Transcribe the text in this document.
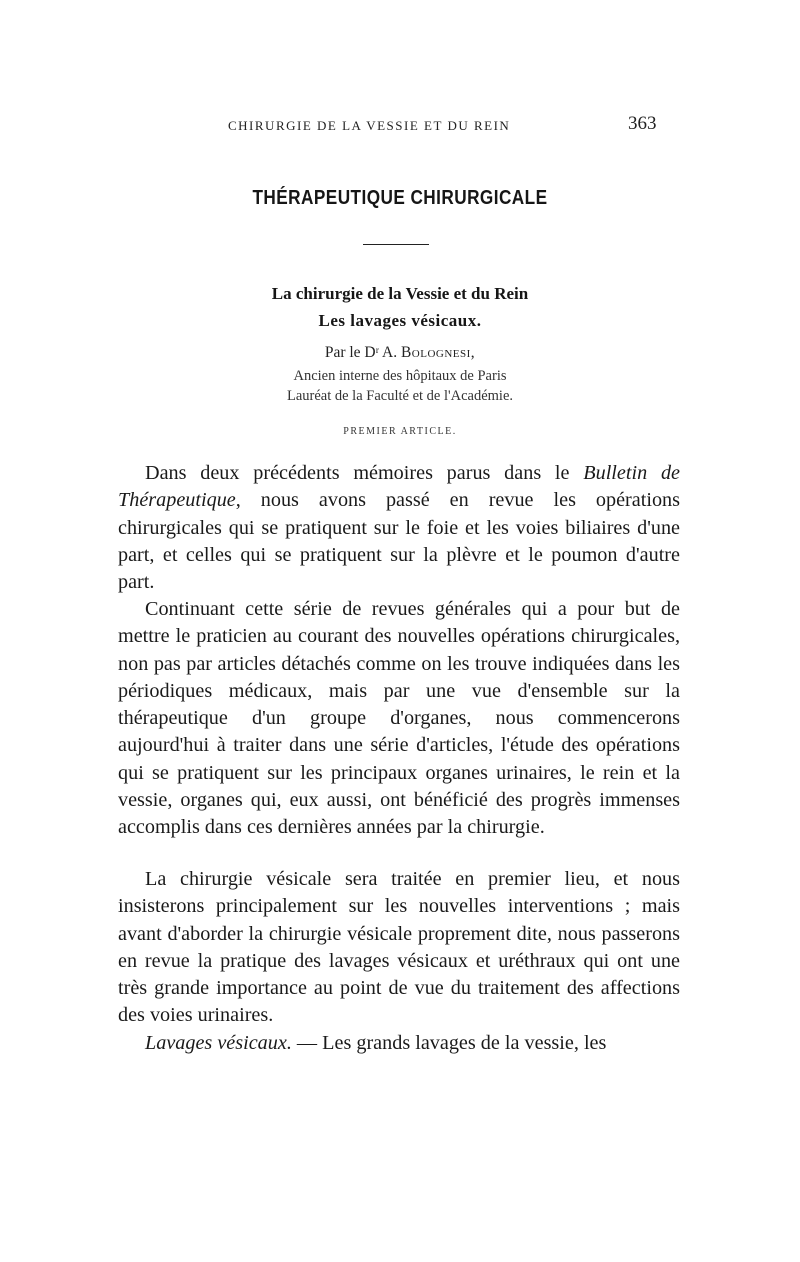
CHIRURGIE DE LA VESSIE ET DU REIN	363
THÉRAPEUTIQUE CHIRURGICALE
La chirurgie de la Vessie et du Rein
Les lavages vésicaux.
Par le Dʳ A. Bolognesi,
Ancien interne des hôpitaux de Paris
Lauréat de la Faculté et de l'Académie.
PREMIER ARTICLE.

Dans deux précédents mémoires parus dans le Bulletin de Thérapeutique, nous avons passé en revue les opérations chirurgicales qui se pratiquent sur le foie et les voies biliaires d'une part, et celles qui se pratiquent sur la plèvre et le poumon d'autre part.

Continuant cette série de revues générales qui a pour but de mettre le praticien au courant des nouvelles opérations chirurgicales, non pas par articles détachés comme on les trouve indiquées dans les périodiques médicaux, mais par une vue d'ensemble sur la thérapeutique d'un groupe d'organes, nous commencerons aujourd'hui à traiter dans une série d'articles, l'étude des opérations qui se pratiquent sur les principaux organes urinaires, le rein et la vessie, organes qui, eux aussi, ont bénéficié des progrès immenses accomplis dans ces dernières années par la chirurgie.

La chirurgie vésicale sera traitée en premier lieu, et nous insisterons principalement sur les nouvelles interventions ; mais avant d'aborder la chirurgie vésicale proprement dite, nous passerons en revue la pratique des lavages vésicaux et uréthraux qui ont une très grande importance au point de vue du traitement des affections des voies urinaires.

Lavages vésicaux. — Les grands lavages de la vessie, les
